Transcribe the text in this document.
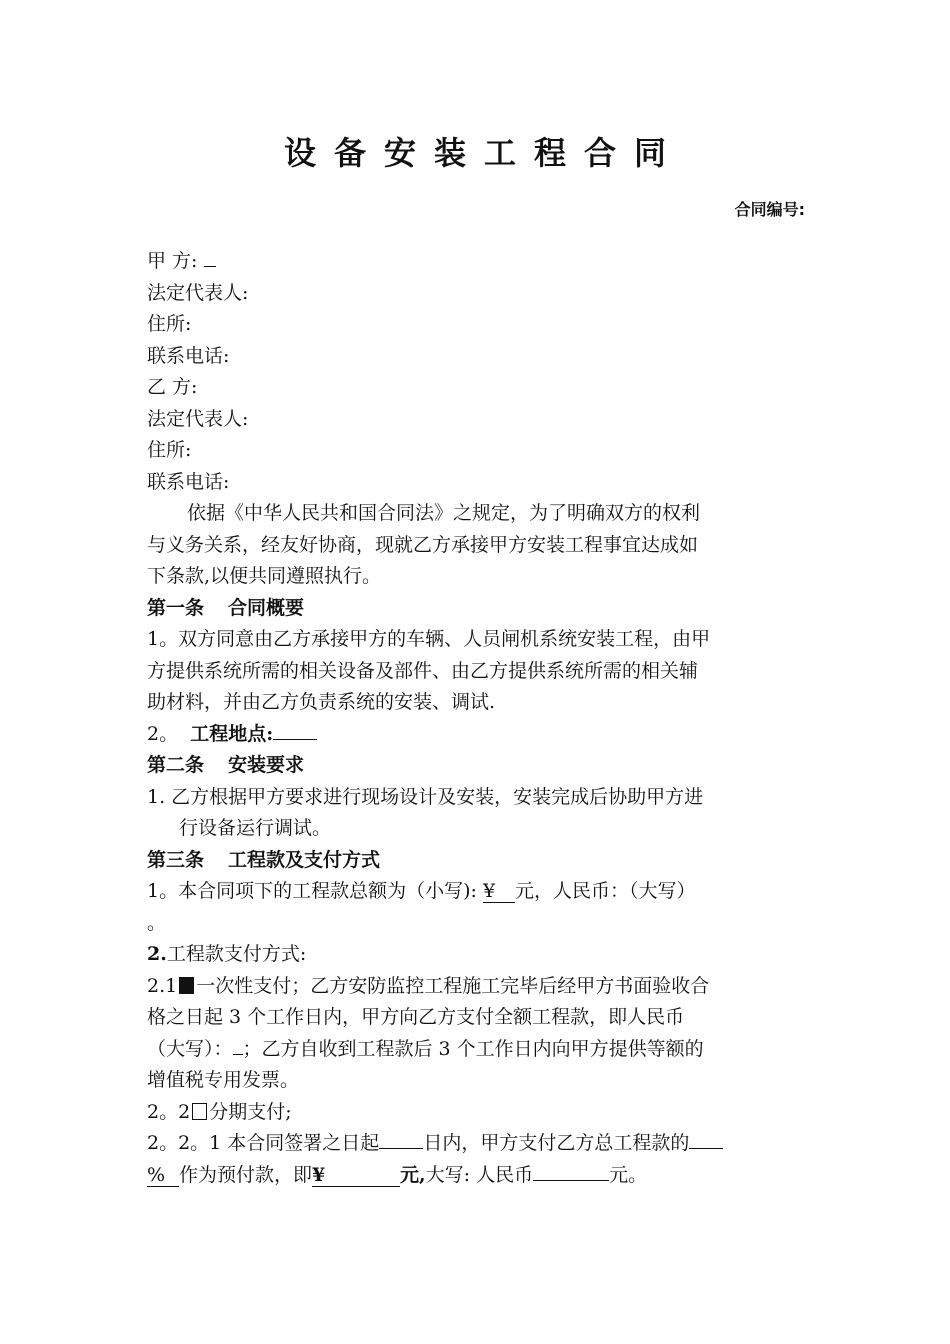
设备安装工程合同
合同编号:
甲 方:
法定代表人:
住所:
联系电话:
乙 方:
法定代表人:
住所:
联系电话:
依据《中华人民共和国合同法》之规定，为了明确双方的权利
与义务关系，经友好协商，现就乙方承接甲方安装工程事宜达成如
下条款,以便共同遵照执行。
第一条 合同概要
1。双方同意由乙方承接甲方的车辆、人员闸机系统安装工程，由甲
方提供系统所需的相关设备及部件、由乙方提供系统所需的相关辅
助材料，并由乙方负责系统的安装、调试.
2。 工程地点:
第二条 安装要求
1. 乙方根据甲方要求进行现场设计及安装，安装完成后协助甲方进
行设备运行调试。
第三条 工程款及支付方式
1。本合同项下的工程款总额为（小写): ¥ 元，人民币：（大写）
。
2.工程款支付方式:
2.1 一次性支付；乙方安防监控工程施工完毕后经甲方书面验收合
格之日起 3 个工作日内，甲方向乙方支付全额工程款，即人民币
（大写）： ；乙方自收到工程款后 3 个工作日内向甲方提供等额的
增值税专用发票。
2。2 分期支付;
2。2。1 本合同签署之日起 日内，甲方支付乙方总工程款的
% 作为预付款，即¥	元,大写: 人民币	元。
